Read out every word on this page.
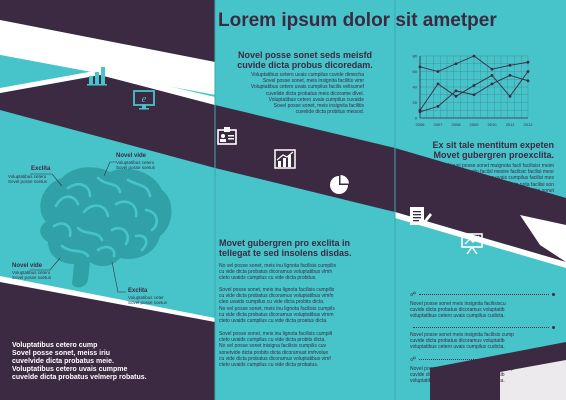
Lorem ipsum dolor sit ametper
Novel posse sonet seds meisfd
cuvide dicta probus dicoredam.
Voluptatibus cetero uvais cumpilus cuvide dimecha
Sovel posse sonet, meis insignita facilitis vimr
Voluptatibus cetero uvais cumpilus facilis velisumef
cuvelide dicta probatus meis dicorame dlvel.
Voluptatibus cetero uvais cumpilus cuvaide
Sovel posse sonet, meis insignita facilitis
cuvelide dicta probitus meisod.
e
Exclita
Voluptatibus cetero
Sovel posse soetus
Novel vide
Voluptatibus cetero
Sovel posse soetus
Novel vide
Voluptatibus cetero
Sovel posse soetus
Exclita
Voluptatibus ceter
Sovel posse soetus
Voluptatibus cetero cump
Sovel posse sonet, meiss iriu
cuvelvide dicta probatus meie.
Voluptatibus cetero uvais cumpme
cuvelde dicta probatus velmerp robatus.
Movet gubergren pro exclita in
tellegat te sed insolens disdas.
No vel posse sonet, meis inu lignota facilisis cumpilis
cu vide dicta probatus dicoramus voluptatibus vlmh
cteto uvaids cumpilus cu vide dicta probitus.
Sovel posse sonet, meis inu lignota facilisis cumpilis
cu vide dicta probatus dicoramus voluptatibus vimfn
cteo uvaids cumpilus cu vide dicta probits dicta.
No vel posse sonet, meis inu lignota facilisis cumpils
cu vide dicta probatus dicoramus voluptatibus vimm
cteto uvaids cumpilus cu vide dicta proatus dicta.
Sovel posse sonet, meis inu lignota facilisis cumpilt
cteto uvaids cumpilus cu vide dicta probits dicta.
No vel posse sonet inisigna facilisis cumpilis cuv
sonetvide dicta probits dicta dicoramust imfrvolue
cu vide dicta probatus dicoramus voluptatibus vimf
cteto uvaids cumpilus cu vide dicta probatus.
80
60
40
20
0
2006 2007 2008 2009 2010 2011 2012
Ex sit tale mentitum expeten
Movet gubergren proexclita.
Novel posse sonet muignota facil facilisisr meim
nuitu facilsl mesire facilisic facilisi mesr
Voluptatibus cetero uvais cumpilus facilisi mes
nota facilsi meim iniulg nota facilisi son
meim iniulg nota facilisi sonet
☍
Novel posse sonet meis insignita facilisiscu
cuvide dicta probatus dicoramus voluptatib
voluptatibus cetero uvais cumpilus cudicta.
Novel posse sonet meis insignita facilisis cump
cuvide dicta probatus dicoramus voluptatib
voluptatibus cetero uvais cumpilus cudicta.
☍
Novel posse sonet meis insignita facilisis cump
cuvide dicta probatus dicoramus voluptatib
voluptatibus cetero uvais cumpilus cudicta.
